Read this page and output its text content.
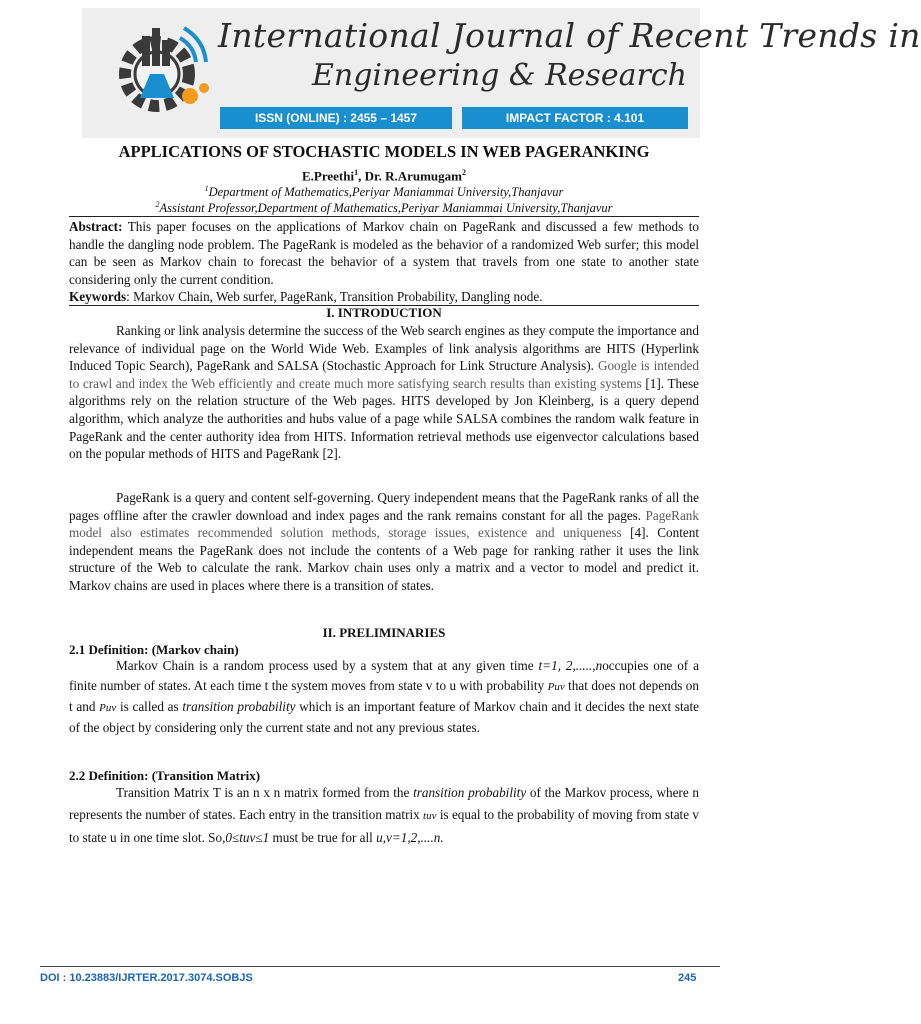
International Journal of Recent Trends in
Engineering & Research
ISSN (ONLINE) : 2455 – 1457	IMPACT FACTOR : 4.101
APPLICATIONS OF STOCHASTIC MODELS IN WEB PAGERANKING
E.Preethi$^1$, Dr. R.Arumugam$^2$
$^1$Department of Mathematics,Periyar Maniammai University,Thanjavur
$^2$Assistant Professor,Department of Mathematics,Periyar Maniammai University,Thanjavur

Abstract: This paper focuses on the applications of Markov chain on PageRank and discussed a few methods to handle the dangling node problem. The PageRank is modeled as the behavior of a randomized Web surfer; this model can be seen as Markov chain to forecast the behavior of a system that travels from one state to another state considering only the current condition.

Keywords: Markov Chain, Web surfer, PageRank, Transition Probability, Dangling node.

I. INTRODUCTION

Ranking or link analysis determine the success of the Web search engines as they compute the importance and relevance of individual page on the World Wide Web. Examples of link analysis algorithms are HITS (Hyperlink Induced Topic Search), PageRank and SALSA (Stochastic Approach for Link Structure Analysis). Google is intended to crawl and index the Web efficiently and create much more satisfying search results than existing systems [1]. These algorithms rely on the relation structure of the Web pages. HITS developed by Jon Kleinberg, is a query depend algorithm, which analyze the authorities and hubs value of a page while SALSA combines the random walk feature in PageRank and the center authority idea from HITS. Information retrieval methods use eigenvector calculations based on the popular methods of HITS and PageRank [2].

PageRank is a query and content self-governing. Query independent means that the PageRank ranks of all the pages offline after the crawler download and index pages and the rank remains constant for all the pages. PageRank model also estimates recommended solution methods, storage issues, existence and uniqueness [4]. Content independent means the PageRank does not include the contents of a Web page for ranking rather it uses the link structure of the Web to calculate the rank. Markov chain uses only a matrix and a vector to model and predict it. Markov chains are used in places where there is a transition of states.

II. PRELIMINARIES
2.1 Definition: (Markov chain)

Markov Chain is a random process used by a system that at any given time t=1, 2,.....,noccupies one of a finite number of states. At each time t the system moves from state v to u with probability Puv that does not depends on t and Puv is called as transition probability which is an important feature of Markov chain and it decides the next state of the object by considering only the current state and not any previous states.

2.2 Definition: (Transition Matrix)

Transition Matrix T is an n x n matrix formed from the transition probability of the Markov process, where n represents the number of states. Each entry in the transition matrix tuv is equal to the probability of moving from state v to state u in one time slot. So,0≤tuv≤1 must be true for all u,v=1,2,....n.

DOI : 10.23883/IJRTER.2017.3074.SOBJS	245
